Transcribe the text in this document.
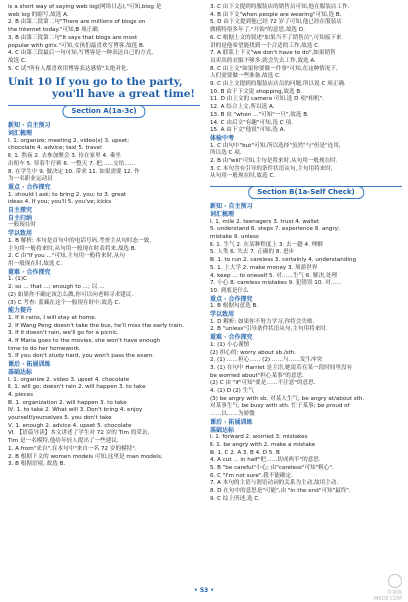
is a short way of saying web log(网络日志),"可知,blog 是

web log 的缩写,故选 A.

2. B 由第二段第二句"There are millions of blogs on

the Internet today."可知,B 项正确.

3. B 由第三段第二句"It says that blogs are most

popular with girls."可知,女孩们最喜欢写博客,故选 B.

4. C 由第三段最后一句可知,写博客是一种表达自己的方式,

故选 C.

5. C 试"所有人都喜欢用博客表达感情"太绝对化.

Unit 10 If you go to the party,
you'll have a great time!
Section A(1a-3c)

新知 · 自主预习

词汇梳理

Ⅰ. 1. organize; meeting 2. video(s) 3. upset;

chocolate 4. advice; taxi 5. travel

Ⅱ. 1. 熬夜 2. 去参加聚会 3. 待在家里 4. 乘坐

出租车 5. 穿着牛仔裤 6. 一整天 7. 把……交给……

8. 在学生中 9. 做决定 10. 带来 11. 如果需要 12. 作

为一名职业运动员

重点 · 合作探究

1. should I ask; to bring 2. you; to 3. great

ideas 4. If you; you'll 5. you've; kicks

自主探究

自主归纳

一般现在时

学以致用

1. B 解析: 本句是首句中的电话号码,考查主从句时态一致.

主句用一般将来时,从句用一般现在时表将来,故选 B.

2. C 由"If you ..."可知,主句用一般将来时,从句

用一般现在时,故选 C.

重难 · 合作探究

1. (1)C

2. so ... that ...; enough to ...; 以 ...

(2) 如果你不确定该怎么做,你可以向老师寻求建议.

(3) C 考查: 蓝藏在这个一般现在时中,故选 C.

能力提升

1. If it rains, I will stay at home.

2. If Wang Peng doesn't take the bus, he'll miss the early train.

3. If it doesn't rain, we'll go for a picnic.

4. If Maria goes to the movies, she won't have enough

time to do her homework.

5. If you don't study hard, you won't pass the exam.

课后 · 拓展训练

基础达标

Ⅰ. 1. organize 2. video 3. upset 4. chocolate

Ⅱ. 1. will go; doesn't rain 2. will happen 3. to take

4. pieces

Ⅲ. 1. organization 2. will happen 3. to take

Ⅳ. 1. to take 2. What will 3. Don't bring 4. enjoy

yourself/yourselves 5. you don't take

Ⅴ. 1. enough 2. advice 4. upset 5. chocolate

Ⅵ. 【语篇导读】本文讲述了学生对 72 岁的 Tim 的采访,

Tim 是一名模特,他给年轻人提出了一些建议.

1. A from"来自",在本句中"来自一名 72 岁的模特".

2. B 根据下文的 women models 可知,这里是 man models.

3. B 根据语境, 故选 B.

3. C 由下文提到的服装店的销售员可知,他在服装店工作.

4. B 由下文"when people are wearing"可知,选 B.

5. D 由下文提到他已经 72 岁了可知,他已经在服装店

做模特很多年了,"开始"的意思,故选 D.

6. C 根据上文的叙述"如果当不了销售员",可知接下来

讲的是他希望能找到一个合适的工作,故选 C.

7. A 联系上下文"we don't have to do",如果销售

员卖出的衣服不够多,就会失去工作,故选 A.

8. C 由上文"如果你要做一件事"可知,在这种情况下,

人们需要做一些准备,故选 C.

9. C 由上文提到的服装店店员的问题,所以说 C 项正确.

10. B 由于下文说 shopping,故选 B.

11. D 由上文的 camera 可知,选 D 项"相机".

12. A 结合上文,所以选 A.

13. B 由 "when ..."可知"一旦",故选 B.

14. C 由后文"有趣"可知,选 C 项.

15. A 由下文"他说"可知,选 A.

体验中考

1. C 由句中"but"可知,所以选择"虽然"与"但是"连用,

所以选 C 项.

2. B 由"will"可知,主句是将来时,从句用一般现在时.

3. C 本句含有引导的条件状语从句,主句用将来时,

从句用一般现在时,故选 C.

Section B(1a-Self Check)

新知 · 自主预习

词汇梳理

Ⅰ. 1. mile 2. teenagers 3. trust 4. wallet

5. understand 6. steps 7. experience 8. angry;

mistake 9. unless

Ⅱ. 1. 生气 2. 在某种程度上 3. 去一趟 4. 理解

5. 人类 6. 失去 7. 正确的 8. 进步

Ⅲ. 1. to run 2. careless 3. certainly 4. understanding

5. 1. 上大学 2. make money 3. 周游世界

4. keep ... to oneself 5. 对……生气 6. 解决,处理

7. 小心 8. careless mistakes 9. 犯错误 10. 对……

10. 到底是什么

重点 · 合作探究

1. B 根据句意选 B.

学以致用

1. D 解析: 如果你不努力学习,你将会失败.

2. B "unless"引导条件状语从句,主句用将来时.

重难 · 合作探究

1. (1) 小心谨慎

(2) 担心的; worry about sb./sth.

2. (1) ……担心…… (2) ……与……发生冲突

3. (1) 在句中 Harriet 是主语,她说若在某一段时间里没有

be worried about"担心某事"的意思.

(2) C 由 "if"可知"要是……不注意"的意思.

4. (1) D (2) 生气

(3) be angry with sb. 对某人生气; be angry at/about sth.

对某事生气; be busy with sth. 忙于某事; be proud of

……以……为骄傲

课后 · 拓展训练

基础达标

Ⅰ. 1. forward 2. worried 3. mistakes

Ⅱ. 1. be angry with 2. make a mistake

Ⅲ. 1. C 2. A 3. B 4. D 5. B

4. A cut ... in half"把……切成两半"的意思.

5. B "be careful"小心; 由"careless"可知"粗心".

6. C "I'm not sure",我不能确定.

7. A 本句的主语与谓语动词的关系为主动,故用主动.

8. D 在句中的意思是"可能",由 "in the end"可知"最终".

9. C 综上所述,选 C.

• 53 •	答案圈 MXQE.COM
